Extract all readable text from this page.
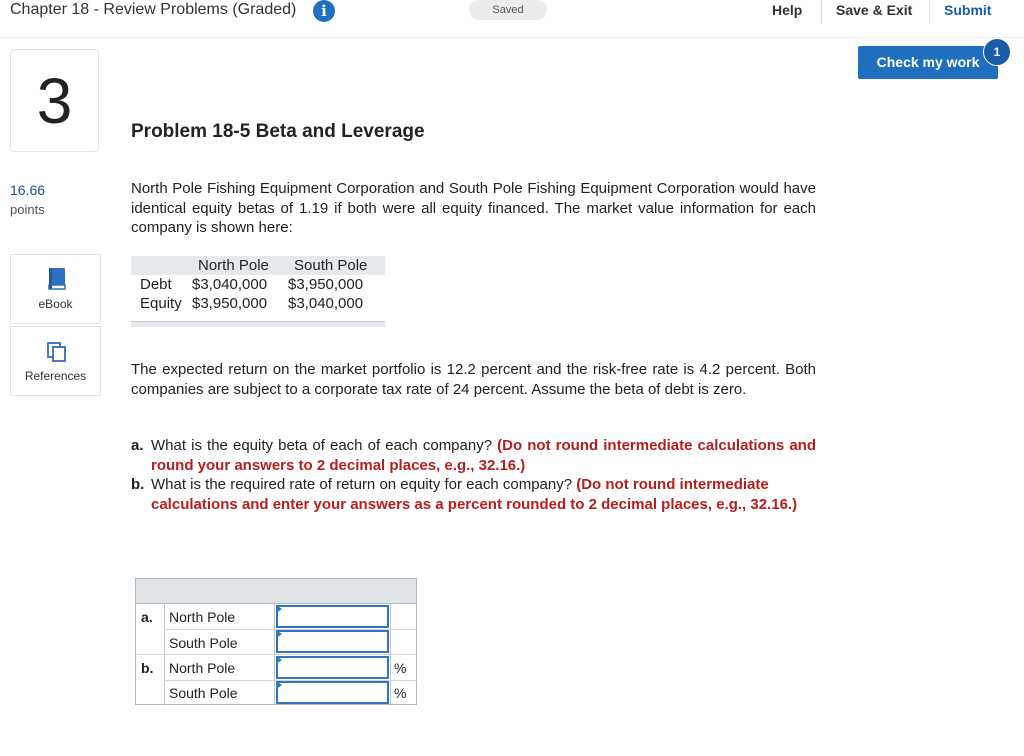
Chapter 18 - Review Problems (Graded)	i	Saved	Help Save & Exit Submit
Check my work
1
3
16.66
points
eBook
References
Problem 18-5 Beta and Leverage
North Pole Fishing Equipment Corporation and South Pole Fishing Equipment Corporation would have identical equity betas of 1.19 if both were all equity financed. The market value information for each company is shown here:
North Pole South Pole
Debt $3,040,000 $3,950,000
Equity $3,950,000 $3,040,000
The expected return on the market portfolio is 12.2 percent and the risk-free rate is 4.2 percent. Both companies are subject to a corporate tax rate of 24 percent. Assume the beta of debt is zero.
a. What is the equity beta of each of each company? (Do not round intermediate calculations and round your answers to 2 decimal places, e.g., 32.16.)
b. What is the required rate of return on equity for each company? (Do not round intermediate calculations and enter your answers as a percent rounded to 2 decimal places, e.g., 32.16.)
a. North Pole
South Pole
b. North Pole	%
South Pole	%
